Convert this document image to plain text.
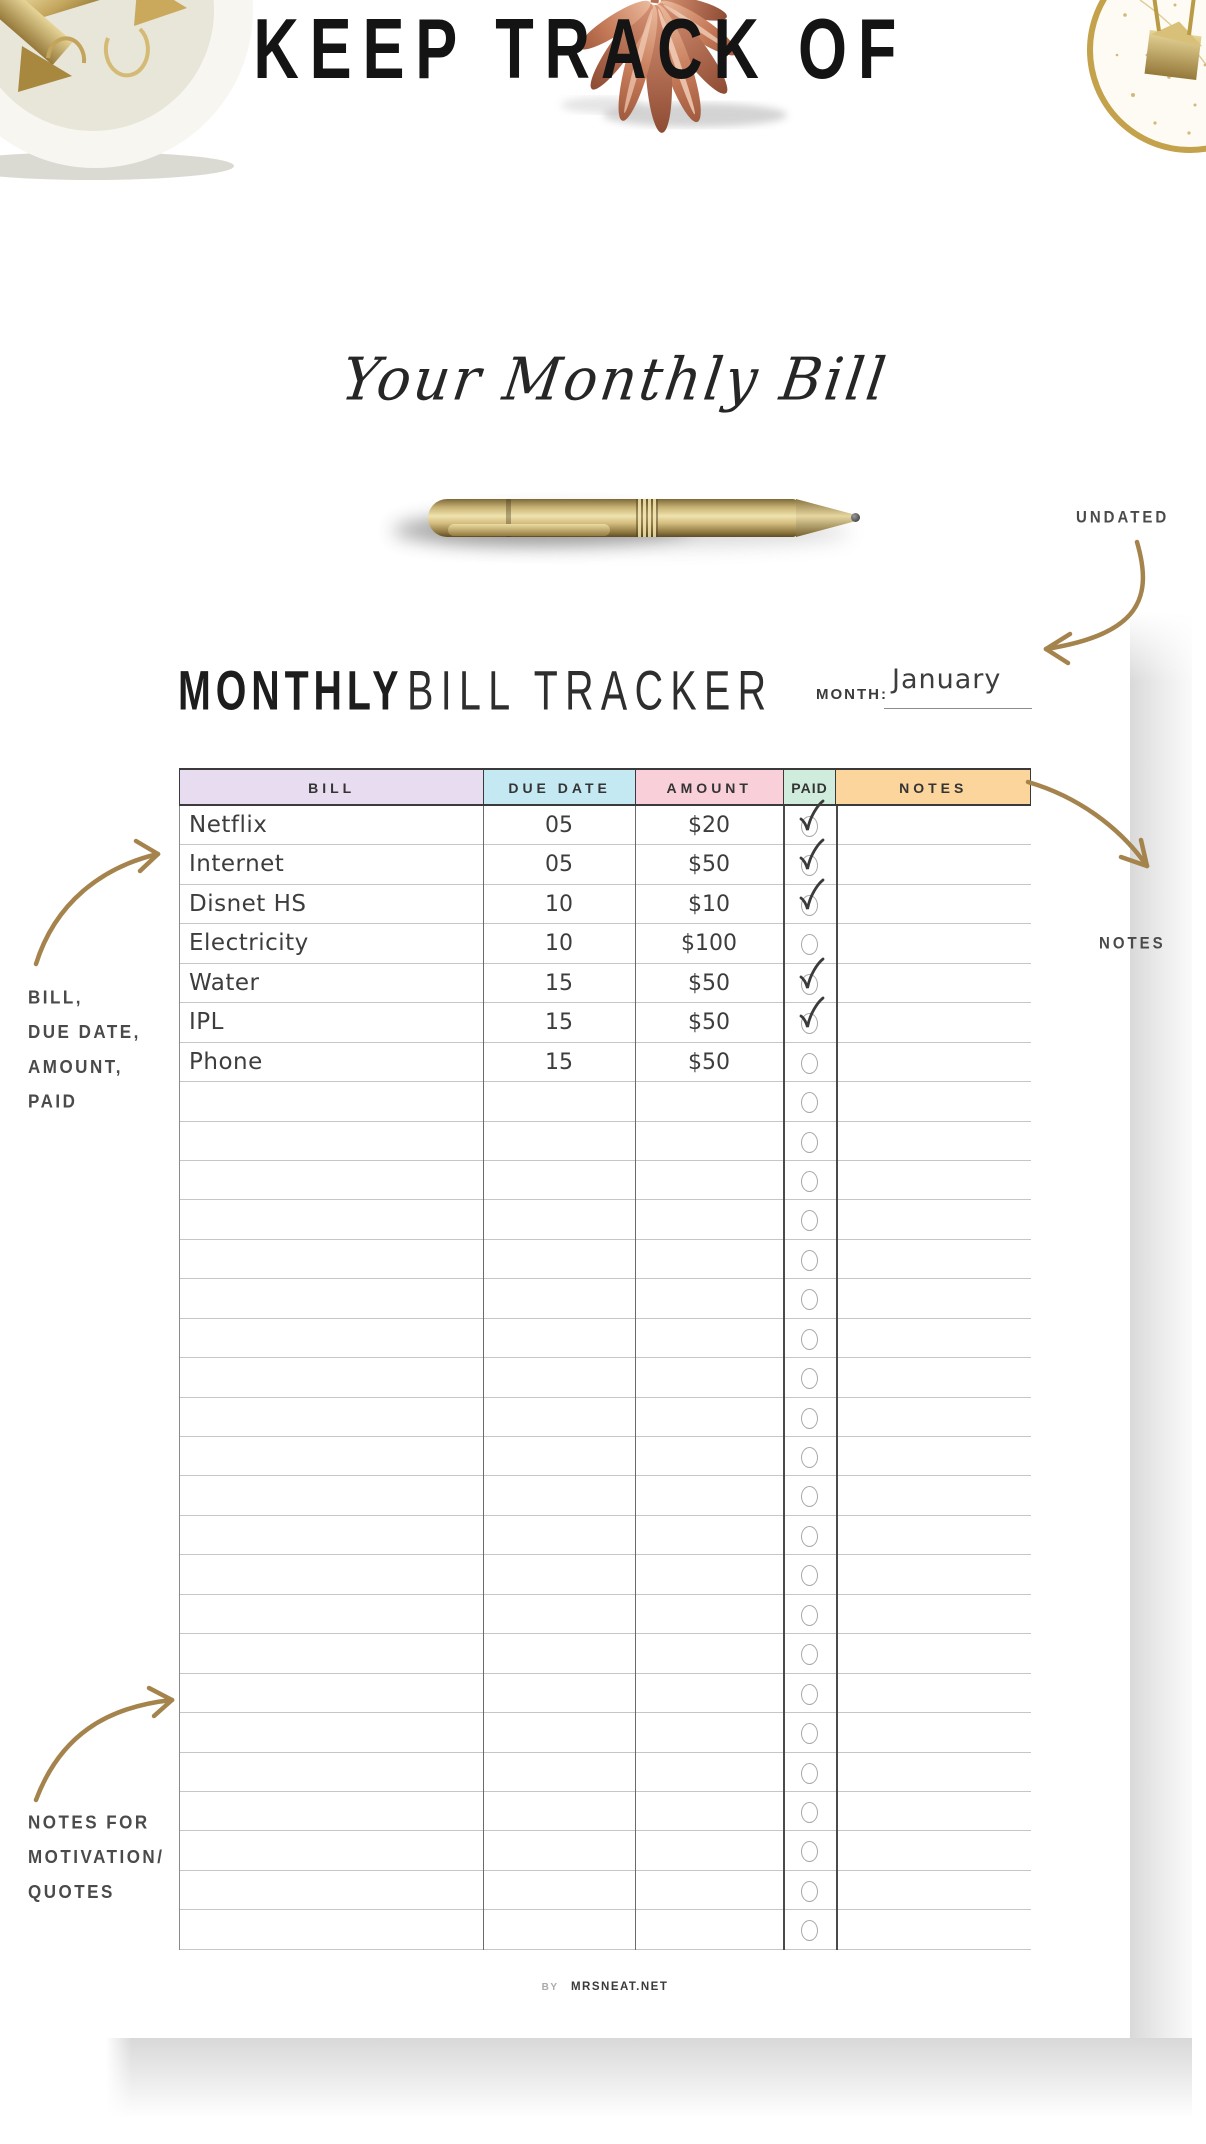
KEEP TRACK OF
Your Monthly Bill
MONTHLY BILL TRACKER	MONTH: January
BILL	DUE DATE	AMOUNT	PAID	NOTES
Netflix	05	$20
Internet	05	$50
Disnet HS	10	$10
Electricity	10	$100
Water	15	$50
IPL	15	$50
Phone	15	$50
UNDATED
NOTES
BILL,
DUE DATE,
AMOUNT,
PAID
NOTES FOR
MOTIVATION/
QUOTES
BY MRSNEAT.NET
